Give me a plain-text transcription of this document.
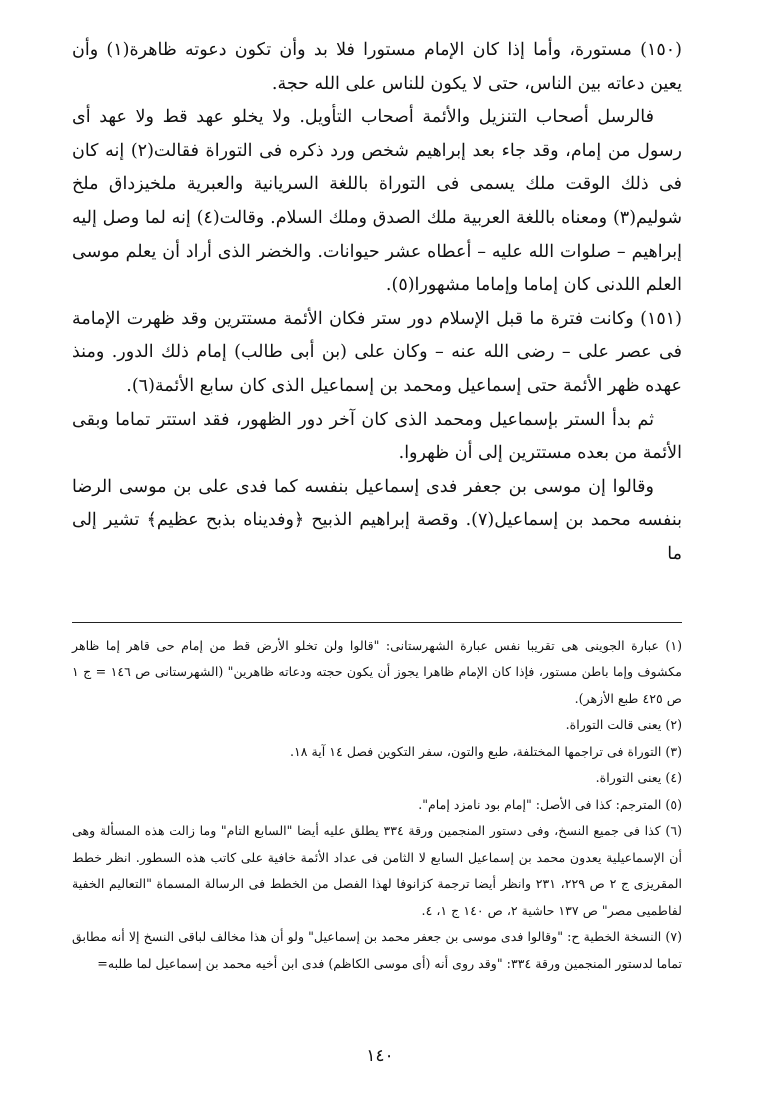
(١٥٠) مستورة، وأما إذا كان الإمام مستورا فلا بد وأن تكون دعوته ظاهرة(١) وأن يعين دعاته بين الناس، حتى لا يكون للناس على الله حجة.

فالرسل أصحاب التنزيل والأئمة أصحاب التأويل. ولا يخلو عهد قط ولا عهد أى رسول من إمام، وقد جاء بعد إبراهيم شخص ورد ذكره فى التوراة فقالت(٢) إنه كان فى ذلك الوقت ملك يسمى فى التوراة باللغة السريانية والعبرية ملخيزداق ملخ شوليم(٣) ومعناه باللغة العربية ملك الصدق وملك السلام. وقالت(٤) إنه لما وصل إليه إبراهيم – صلوات الله عليه – أعطاه عشر حيوانات. والخضر الذى أراد أن يعلم موسى العلم اللدنى كان إماما وإماما مشهورا(٥).

(١٥١) وكانت فترة ما قبل الإسلام دور ستر فكان الأئمة مستترين وقد ظهرت الإمامة فى عصر على – رضى الله عنه – وكان على (بن أبى طالب) إمام ذلك الدور. ومنذ عهده ظهر الأئمة حتى إسماعيل ومحمد بن إسماعيل الذى كان سابع الأئمة(٦).

ثم بدأ الستر بإسماعيل ومحمد الذى كان آخر دور الظهور، فقد استتر تماما وبقى الأئمة من بعده مستترين إلى أن ظهروا.

وقالوا إن موسى بن جعفر فدى إسماعيل بنفسه كما فدى على بن موسى الرضا بنفسه محمد بن إسماعيل(٧). وقصة إبراهيم الذبيح ﴿وفديناه بذبح عظيم﴾ تشير إلى ما

(١) عبارة الجوينى هى تقريبا نفس عبارة الشهرستانى: "قالوا ولن تخلو الأرض قط من إمام حى قاهر إما ظاهر مكشوف وإما باطن مستور، فإذا كان الإمام ظاهرا يجوز أن يكون حجته ودعاته ظاهرين" (الشهرستانى ص ١٤٦ = ج ١ ص ٤٢٥ طبع الأزهر).

(٢) يعنى قالت التوراة.

(٣) التوراة فى تراجمها المختلفة، طبع والتون، سفر التكوين فصل ١٤ آية ١٨.

(٤) يعنى التوراة.

(٥) المترجم: كذا فى الأصل: "إمام بود نامزد إمام".

(٦) كذا فى جميع النسخ، وفى دستور المنجمين ورقة ٣٣٤ يطلق عليه أيضا "السابع التام" وما زالت هذه المسألة وهى أن الإسماعيلية يعدون محمد بن إسماعيل السابع لا الثامن فى عداد الأئمة خافية على كاتب هذه السطور. انظر خطط المقريزى ج ٢ ص ٢٢٩، ٢٣١ وانظر أيضا ترجمة كزانوفا لهذا الفصل من الخطط فى الرسالة المسماة "التعاليم الخفية لفاطميى مصر" ص ١٣٧ حاشية ٢، ص ١٤٠ ج ١، ٤.

(٧) النسخة الخطية ح: "وقالوا فدى موسى بن جعفر محمد بن إسماعيل" ولو أن هذا مخالف لباقى النسخ إلا أنه مطابق تماما لدستور المنجمين ورقة ٣٣٤: "وقد روى أنه (أى موسى الكاظم) فدى ابن أخيه محمد بن إسماعيل لما طلبه=

١٤٠
